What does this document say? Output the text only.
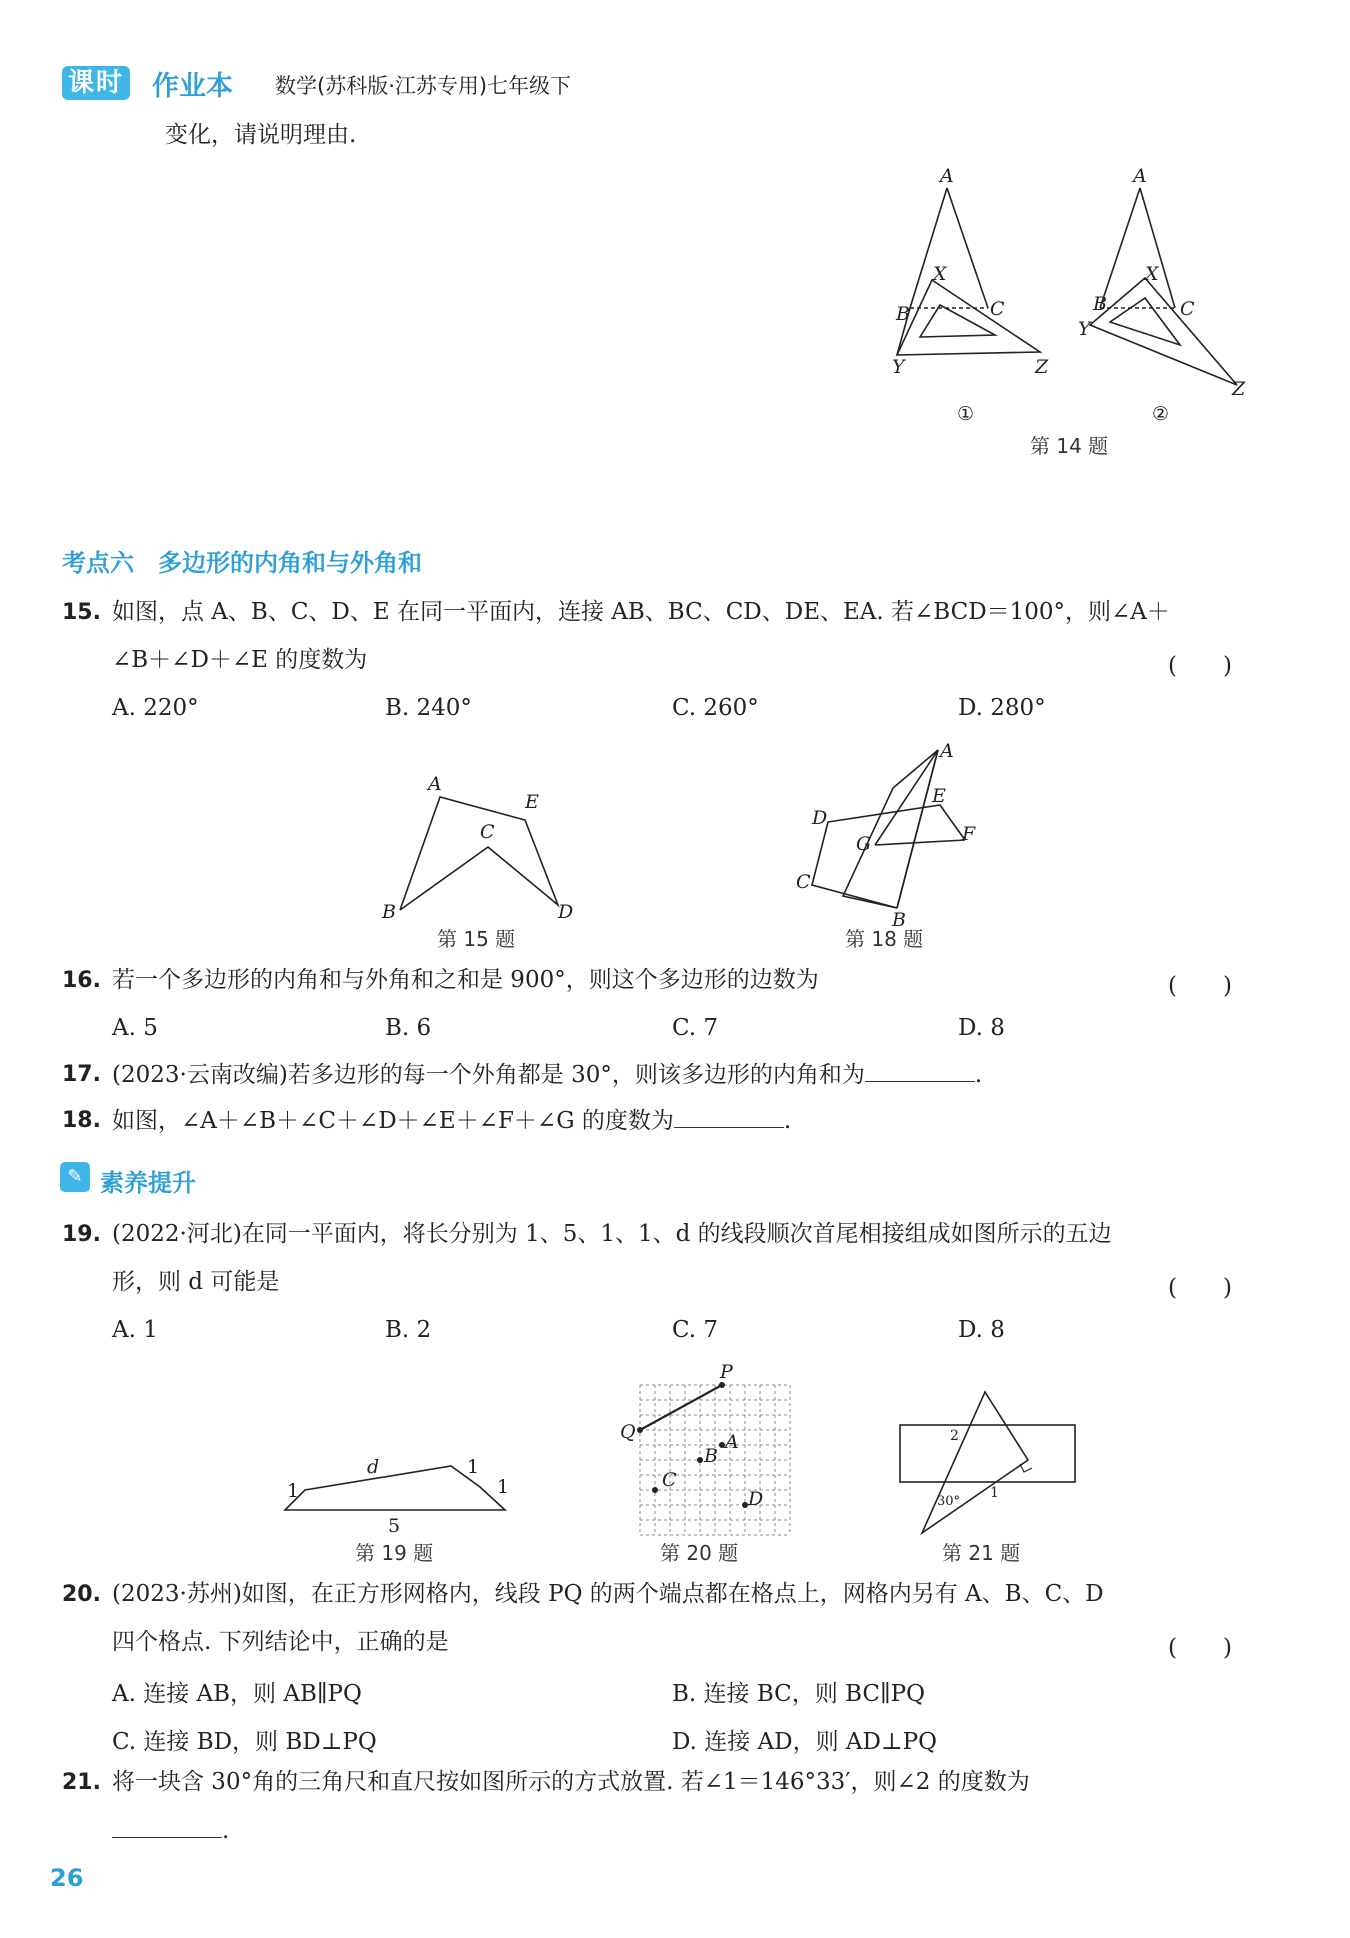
课时 作业本 数学(苏科版·江苏专用)七年级下
变化，请说明理由.
A
X
B	C
Y	Z
A
X
B	C
Y
Z
①	②
第 14 题
考点六　多边形的内角和与外角和
15. 如图，点 A、B、C、D、E 在同一平面内，连接 AB、BC、CD、DE、EA. 若∠BCD＝100°，则∠A＋
∠B＋∠D＋∠E 的度数为	(　　)
A. 220°	B. 240°	C. 260°	D. 280°
A
E
C
B	D
第 15 题
A
E
D
F
G
C
B
第 18 题
16. 若一个多边形的内角和与外角和之和是 900°，则这个多边形的边数为	(　　)
A. 5	B. 6	C. 7	D. 8
17. (2023·云南改编)若多边形的每一个外角都是 30°，则该多边形的内角和为	.
18. 如图，∠A＋∠B＋∠C＋∠D＋∠E＋∠F＋∠G 的度数为	.
✎ 素养提升
19. (2022·河北)在同一平面内，将长分别为 1、5、1、1、d 的线段顺次首尾相接组成如图所示的五边
形，则 d 可能是	(　　)
A. 1	B. 2	C. 7	D. 8
d	1
1	1
5
第 19 题
P
Q	A
B
C
D
第 20 题
2
30°
1
第 21 题
20. (2023·苏州)如图，在正方形网格内，线段 PQ 的两个端点都在格点上，网格内另有 A、B、C、D
四个格点. 下列结论中，正确的是	(　　)
A. 连接 AB，则 AB∥PQ	B. 连接 BC，则 BC∥PQ
C. 连接 BD，则 BD⊥PQ	D. 连接 AD，则 AD⊥PQ
21. 将一块含 30°角的三角尺和直尺按如图所示的方式放置. 若∠1＝146°33′，则∠2 的度数为
.
26
